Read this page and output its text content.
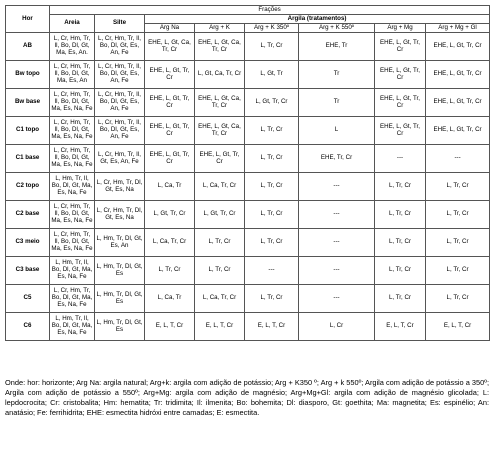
Hor	Frações							
	Areia	Silte	Argila (tratamentos)					
			Arg Na	Arg + K	Arg + K 350º	Arg + K 550º	Arg + Mg	Arg + Mg + Gl
AB	L, Cr, Hm, Tr, Il, Bo, Dl, Gt, Ma, Es, An.	L, Cr, Hm, Tr, Il, Bo, Dl, Gt, Es, An, Fe	EHE, L, Gt, Ca, Tr, Cr	EHE, L, Gt, Ca, Tr, Cr	L, Tr, Cr	EHE, Tr	EHE, L, Gt, Tr, Cr	EHE, L, Gt, Tr, Cr
Bw topo	L, Cr, Hm, Tr, Il, Bo, Dl, Gt, Ma, Es, An	L, Cr, Hm, Tr, Il, Bo, Dl, Gt, Es, An, Fe	EHE, L, Gt, Tr, Cr	L, Gt, Ca, Tr, Cr	L, Gt, Tr	Tr	EHE, L, Gt, Tr, Cr	EHE, L, Gt, Tr, Cr
Bw base	L, Cr, Hm, Tr, Il, Bo, Dl, Gt, Ma, Es, Na, Fe	L, Cr, Hm, Tr, Il, Bo, Dl, Gt, Es, An, Fe	EHE, L, Gt, Tr, Cr	EHE, L, Gt, Ca, Tr, Cr	L, Gt, Tr, Cr	Tr	EHE, L, Gt, Tr, Cr	EHE, L, Gt, Tr, Cr
C1 topo	L, Cr, Hm, Tr, Il, Bo, Dl, Gt, Ma, Es, Na, Fe	L, Cr, Hm, Tr, Il, Bo, Dl, Gt, Es, An, Fe	EHE, L, Gt, Tr, Cr	EHE, L, Gt, Ca, Tr, Cr	L, Tr, Cr	L	EHE, L, Gt, Tr, Cr	EHE, L, Gt, Tr, Cr
C1 base	L, Cr, Hm, Tr, Il, Bo, Dl, Gt, Ma, Es, Na, Fe	L, Cr, Hm, Tr, Il, Gt, Es, An, Fe	EHE, L, Gt, Tr, Cr	EHE, L, Gt, Tr, Cr	L, Tr, Cr	EHE, Tr, Cr	---	---
C2 topo	L, Hm, Tr, Il, Bo, Dl, Gt, Ma, Es, Na, Fe	L, Cr, Hm, Tr, Dl, Gt, Es, Na	L, Ca, Tr	L, Ca, Tr, Cr	L, Tr, Cr	---	L, Tr, Cr	L, Tr, Cr
C2 base	L, Cr, Hm, Tr, Il, Bo, Dl, Gt, Ma, Es, Na, Fe	L, Cr, Hm, Tr, Dl, Gt, Es, Na	L, Gt, Tr, Cr	L, Gt, Tr, Cr	L, Tr, Cr	---	L, Tr, Cr	L, Tr, Cr
C3 meio	L, Cr, Hm, Tr, Il, Bo, Dl, Gt, Ma, Es, Na, Fe	L, Hm, Tr, Dl, Gt, Es, An	L, Ca, Tr, Cr	L, Tr, Cr	L, Tr, Cr	---	L, Tr, Cr	L, Tr, Cr
C3 base	L, Hm, Tr, Il, Bo, Dl, Gt, Ma, Es, Na, Fe	L, Hm, Tr, Dl, Gt, Es	L, Tr, Cr	L, Tr, Cr	---	---	L, Tr, Cr	L, Tr, Cr
C5	L, Cr, Hm, Tr, Bo, Dl, Gt, Ma, Es, Na, Fe	L, Hm, Tr, Dl, Gt, Es	L, Ca, Tr	L, Ca, Tr, Cr	L, Tr, Cr	---	L, Tr, Cr	L, Tr, Cr
C6	L, Hm, Tr, Il, Bo, Dl, Gt, Ma, Es, Na, Fe	L, Hm, Tr, Dl, Gt, Es	E, L, T, Cr	E, L, T, Cr	E, L, T, Cr	L, Cr	E, L, T, Cr	E, L, T, Cr
Onde: hor: horizonte; Arg Na: argila natural; Arg+k: argila com adição de potássio; Arg + K350 º; Arg + k 550º; Argila com adição de potássio a 350º; Argila com adição de potássio a 550º; Arg+Mg: argila com adição de magnésio; Arg+Mg+Gl: argila com adição de magnésio glicolada; L: lepdocrocita; Cr: cristobalita; Hm: hematita; Tr: tridimita; Il: ilmenita; Bo: bohemita; Dl: diasporo, Gt: goethita; Ma: magnetita; Es: espinélio; An: anatásio; Fe: ferrihidrita; EHE: esmectita hidróxi entre camadas; E: esmectita.
